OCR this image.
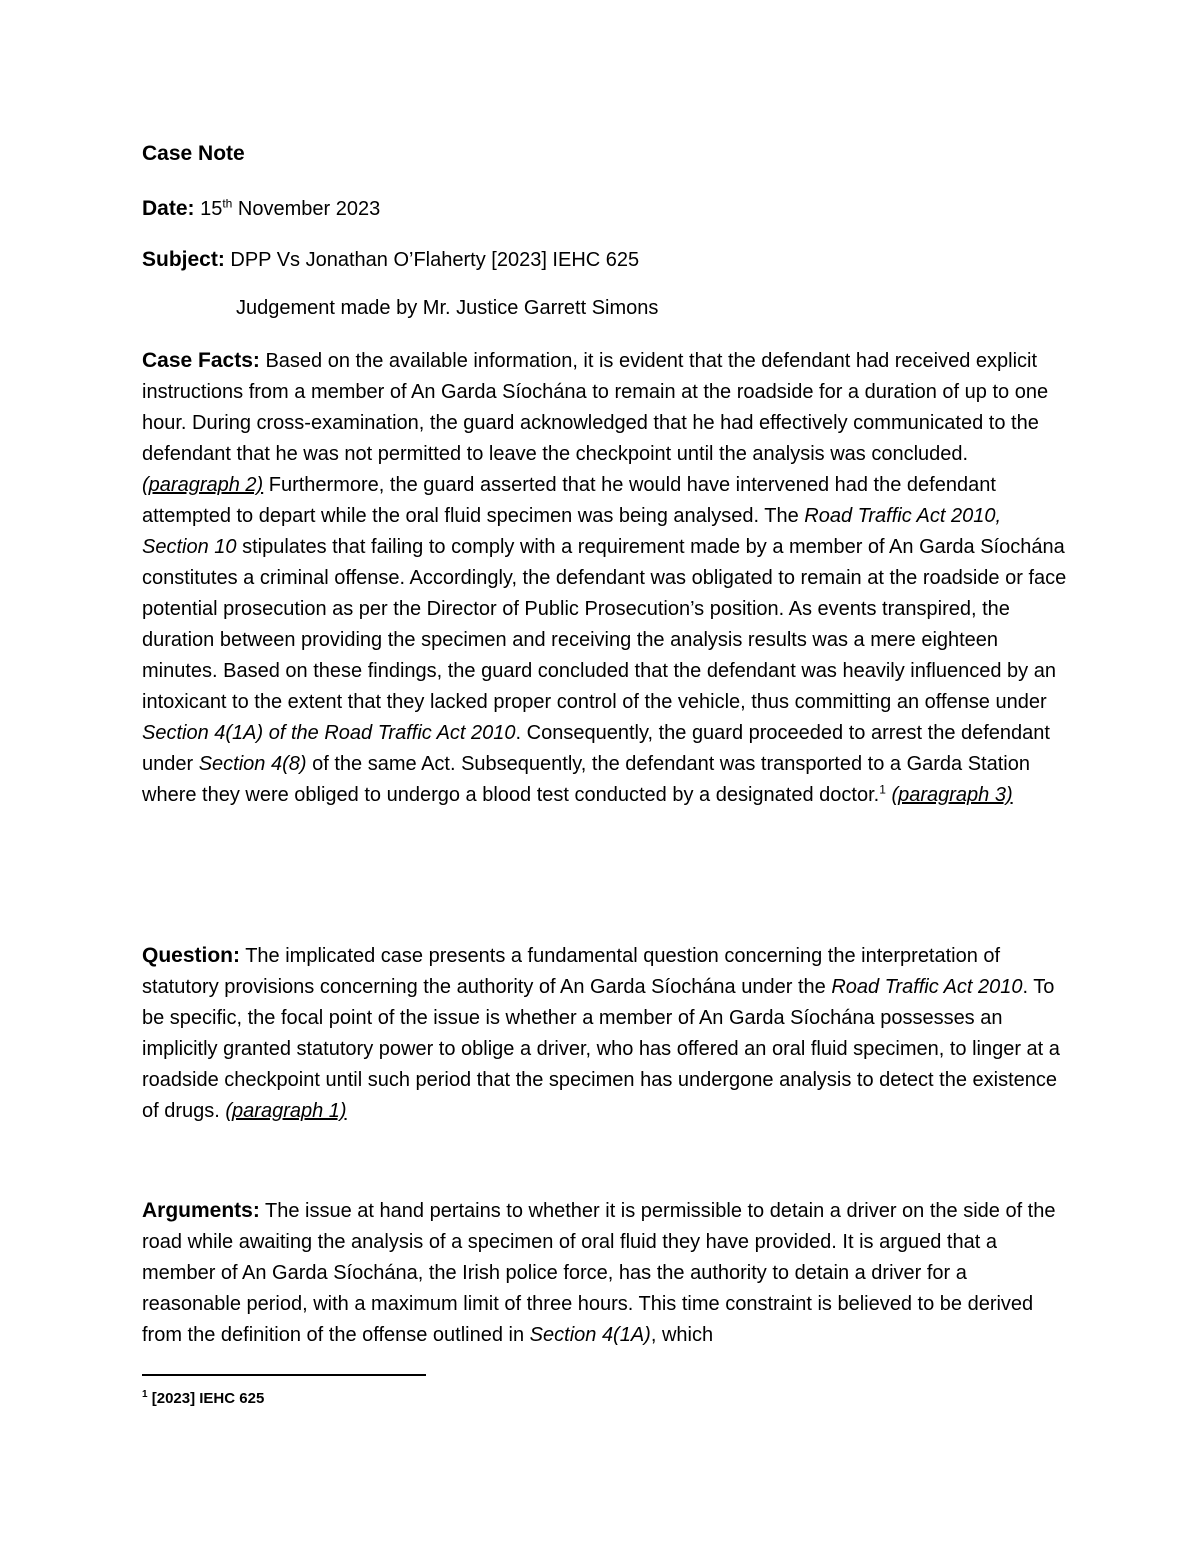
Case Note
Date: 15th November 2023
Subject: DPP Vs Jonathan O’Flaherty [2023] IEHC 625
Judgement made by Mr. Justice Garrett Simons
Case Facts: Based on the available information, it is evident that the defendant had received explicit instructions from a member of An Garda Síochána to remain at the roadside for a duration of up to one hour. During cross-examination, the guard acknowledged that he had effectively communicated to the defendant that he was not permitted to leave the checkpoint until the analysis was concluded. (paragraph 2) Furthermore, the guard asserted that he would have intervened had the defendant attempted to depart while the oral fluid specimen was being analysed. The Road Traffic Act 2010, Section 10 stipulates that failing to comply with a requirement made by a member of An Garda Síochána constitutes a criminal offense. Accordingly, the defendant was obligated to remain at the roadside or face potential prosecution as per the Director of Public Prosecution’s position. As events transpired, the duration between providing the specimen and receiving the analysis results was a mere eighteen minutes. Based on these findings, the guard concluded that the defendant was heavily influenced by an intoxicant to the extent that they lacked proper control of the vehicle, thus committing an offense under Section 4(1A) of the Road Traffic Act 2010. Consequently, the guard proceeded to arrest the defendant under Section 4(8) of the same Act. Subsequently, the defendant was transported to a Garda Station where they were obliged to undergo a blood test conducted by a designated doctor.$^1$ (paragraph 3)
Question: The implicated case presents a fundamental question concerning the interpretation of statutory provisions concerning the authority of An Garda Síochána under the Road Traffic Act 2010. To be specific, the focal point of the issue is whether a member of An Garda Síochána possesses an implicitly granted statutory power to oblige a driver, who has offered an oral fluid specimen, to linger at a roadside checkpoint until such period that the specimen has undergone analysis to detect the existence of drugs. (paragraph 1)
Arguments: The issue at hand pertains to whether it is permissible to detain a driver on the side of the road while awaiting the analysis of a specimen of oral fluid they have provided. It is argued that a member of An Garda Síochána, the Irish police force, has the authority to detain a driver for a reasonable period, with a maximum limit of three hours. This time constraint is believed to be derived from the definition of the offense outlined in Section 4(1A), which
$^1$ [2023] IEHC 625
